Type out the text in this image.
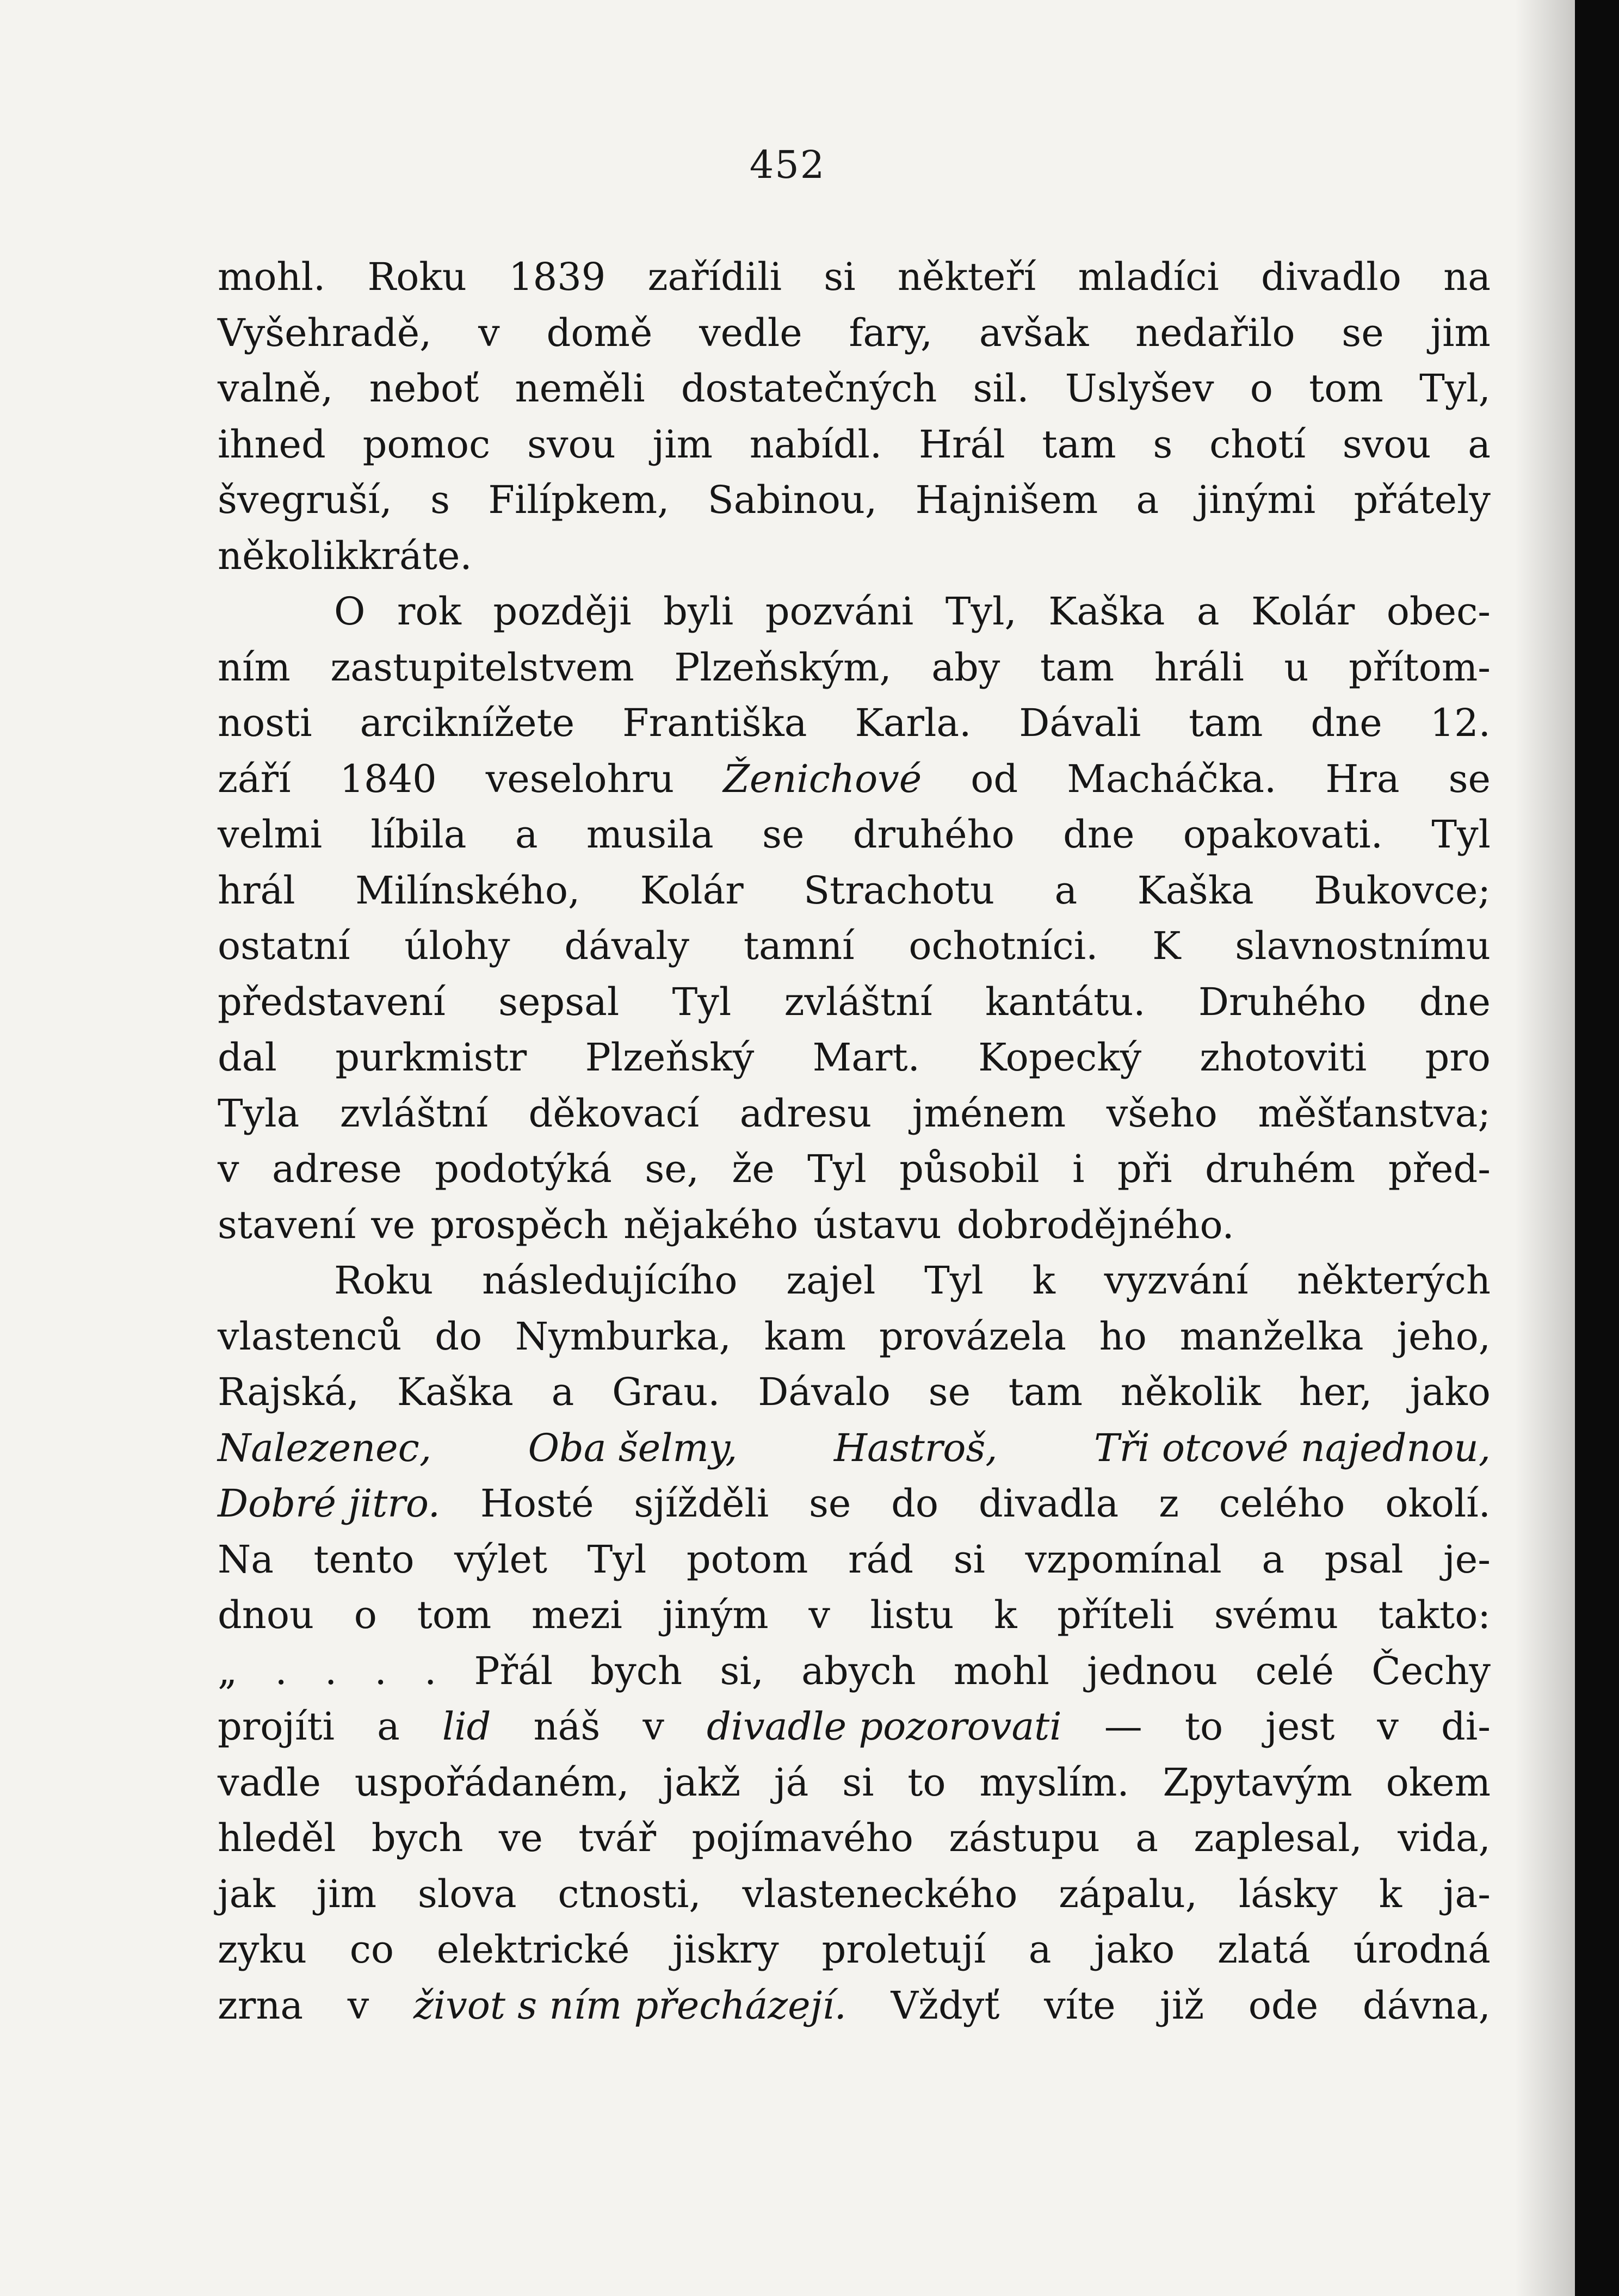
452
mohl. Roku 1839 zařídili si někteří mladíci divadlo na
Vyšehradě, v domě vedle fary, avšak nedařilo se jim
valně, neboť neměli dostatečných sil. Uslyšev o tom Tyl,
ihned pomoc svou jim nabídl. Hrál tam s chotí svou a
švegruší, s Filípkem, Sabinou, Hajnišem a jinými přátely
několikkráte.
O rok později byli pozváni Tyl, Kaška a Kolár obec-
ním zastupitelstvem Plzeňským, aby tam hráli u přítom-
nosti arciknížete Františka Karla. Dávali tam dne 12.
září 1840 veselohru Ženichové od Macháčka. Hra se
velmi líbila a musila se druhého dne opakovati. Tyl
hrál Milínského, Kolár Strachotu a Kaška Bukovce;
ostatní úlohy dávaly tamní ochotníci. K slavnostnímu
představení sepsal Tyl zvláštní kantátu. Druhého dne
dal purkmistr Plzeňský Mart. Kopecký zhotoviti pro
Tyla zvláštní děkovací adresu jménem všeho měšťanstva;
v adrese podotýká se, že Tyl působil i při druhém před-
stavení ve prospěch nějakého ústavu dobrodějného.
Roku následujícího zajel Tyl k vyzvání některých
vlastenců do Nymburka, kam provázela ho manželka jeho,
Rajská, Kaška a Grau. Dávalo se tam několik her, jako
Nalezenec,	Oba šelmy,	Hastroš,	Tři otcové najednou,
Dobré jitro. Hosté sjížděli se do divadla z celého okolí.
Na tento výlet Tyl potom rád si vzpomínal a psal je-
dnou o tom mezi jiným v listu k příteli svému takto:
„ . . . . Přál bych si, abych mohl jednou celé Čechy
projíti a lid náš v divadle pozorovati — to jest v di-
vadle uspořádaném, jakž já si to myslím. Zpytavým okem
hleděl bych ve tvář pojímavého zástupu a zaplesal, vida,
jak jim slova ctnosti, vlasteneckého zápalu, lásky k ja-
zyku co elektrické jiskry proletují a jako zlatá úrodná
zrna v život s ním přecházejí. Vždyť víte již ode dávna,
